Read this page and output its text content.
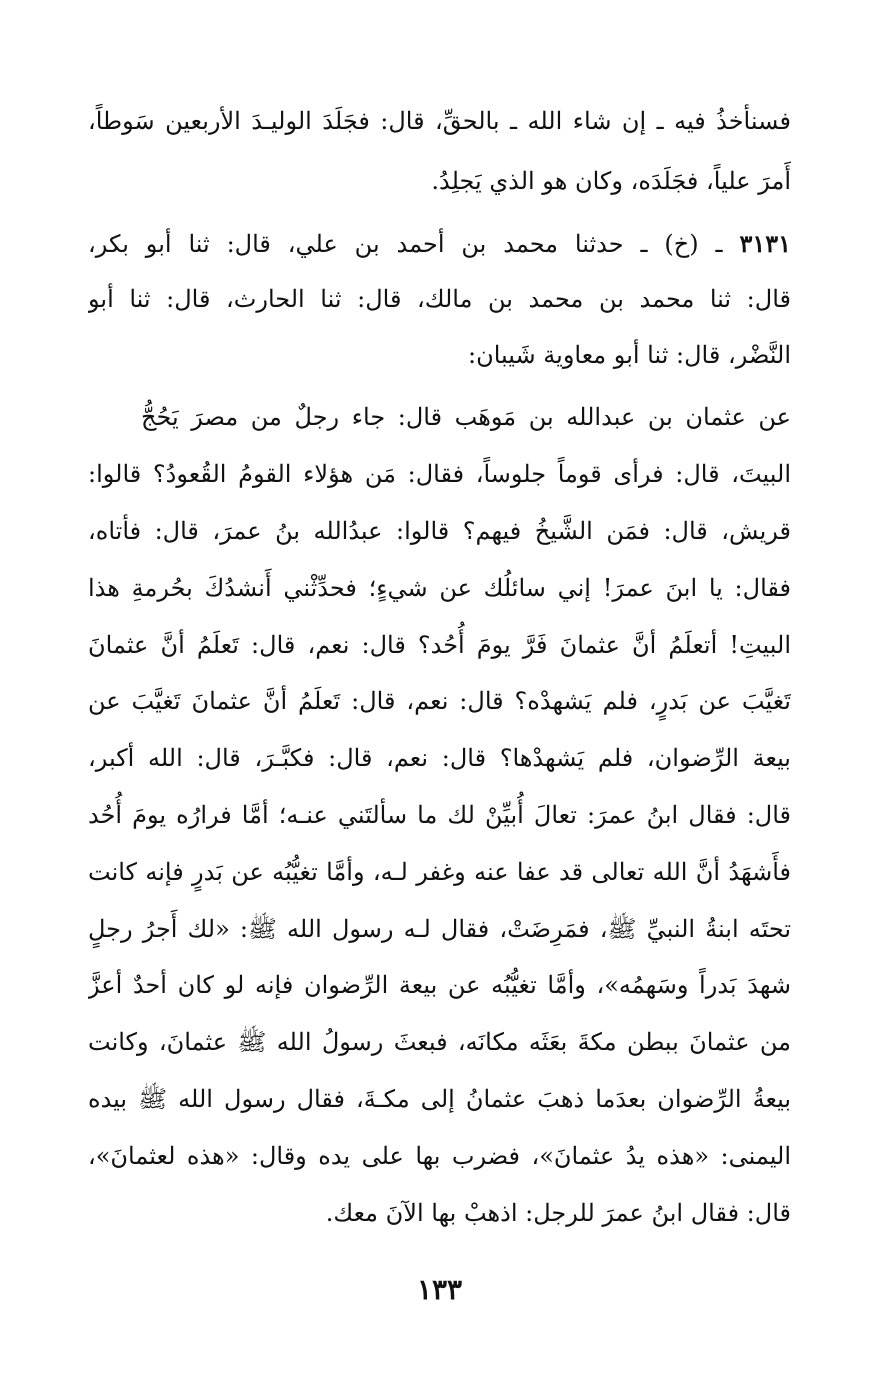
فسنأخذُ فيه ـ إن شاء الله ـ بالحقِّ، قال: فجَلَدَ الوليـدَ الأربعين سَوطاً،
أَمرَ علياً، فجَلَدَه، وكان هو الذي يَجلِدُ.
٣١٣١ ـ (خ) ـ حدثنا محمد بن أحمد بن علي، قال: ثنا أبو بكر،
قال: ثنا محمد بن محمد بن مالك، قال: ثنا الحارث، قال: ثنا أبو
النَّضْر، قال: ثنا أبو معاوية شَيبان:
عن عثمان بن عبدالله بن مَوهَب قال: جاء رجلٌ من مصرَ يَحُجُّ
البيتَ، قال: فرأى قوماً جلوساً، فقال: مَن هؤلاء القومُ القُعودُ؟ قالوا:
قريش، قال: فمَن الشَّيخُ فيهم؟ قالوا: عبدُالله بنُ عمرَ، قال: فأتاه،
فقال: يا ابنَ عمرَ! إني سائلُك عن شيءٍ؛ فحدِّثْني أَنشدُكَ بحُرمةِ هذا
البيتِ! أتعلَمُ أنَّ عثمانَ فَرَّ يومَ أُحُد؟ قال: نعم، قال: تَعلَمُ أنَّ عثمانَ
تَغيَّبَ عن بَدرٍ، فلم يَشهدْه؟ قال: نعم، قال: تَعلَمُ أنَّ عثمانَ تَغيَّبَ عن
بيعة الرِّضوان، فلم يَشهدْها؟ قال: نعم، قال: فكبَّـرَ، قال: الله أكبر،
قال: فقال ابنُ عمرَ: تعالَ أُبيِّنْ لك ما سألتَني عنـه؛ أمَّا فرارُه يومَ أُحُد
فأَشهَدُ أنَّ الله تعالى قد عفا عنه وغفر لـه، وأمَّا تغيُّبُه عن بَدرٍ فإنه كانت
تحتَه ابنةُ النبيِّ ﷺ، فمَرِضَتْ، فقال لـه رسول الله ﷺ: «لك أَجرُ رجلٍ
شهدَ بَدراً وسَهمُه»، وأمَّا تغيُّبُه عن بيعة الرِّضوان فإنه لو كان أحدٌ أعزَّ
من عثمانَ ببطن مكةَ بعَثَه مكانَه، فبعثَ رسولُ الله ﷺ عثمانَ، وكانت
بيعةُ الرِّضوان بعدَما ذهبَ عثمانُ إلى مكـةَ، فقال رسول الله ﷺ بيده
اليمنى: «هذه يدُ عثمانَ»، فضرب بها على يده وقال: «هذه لعثمانَ»،
قال: فقال ابنُ عمرَ للرجل: اذهبْ بها الآنَ معك.
١٣٣
